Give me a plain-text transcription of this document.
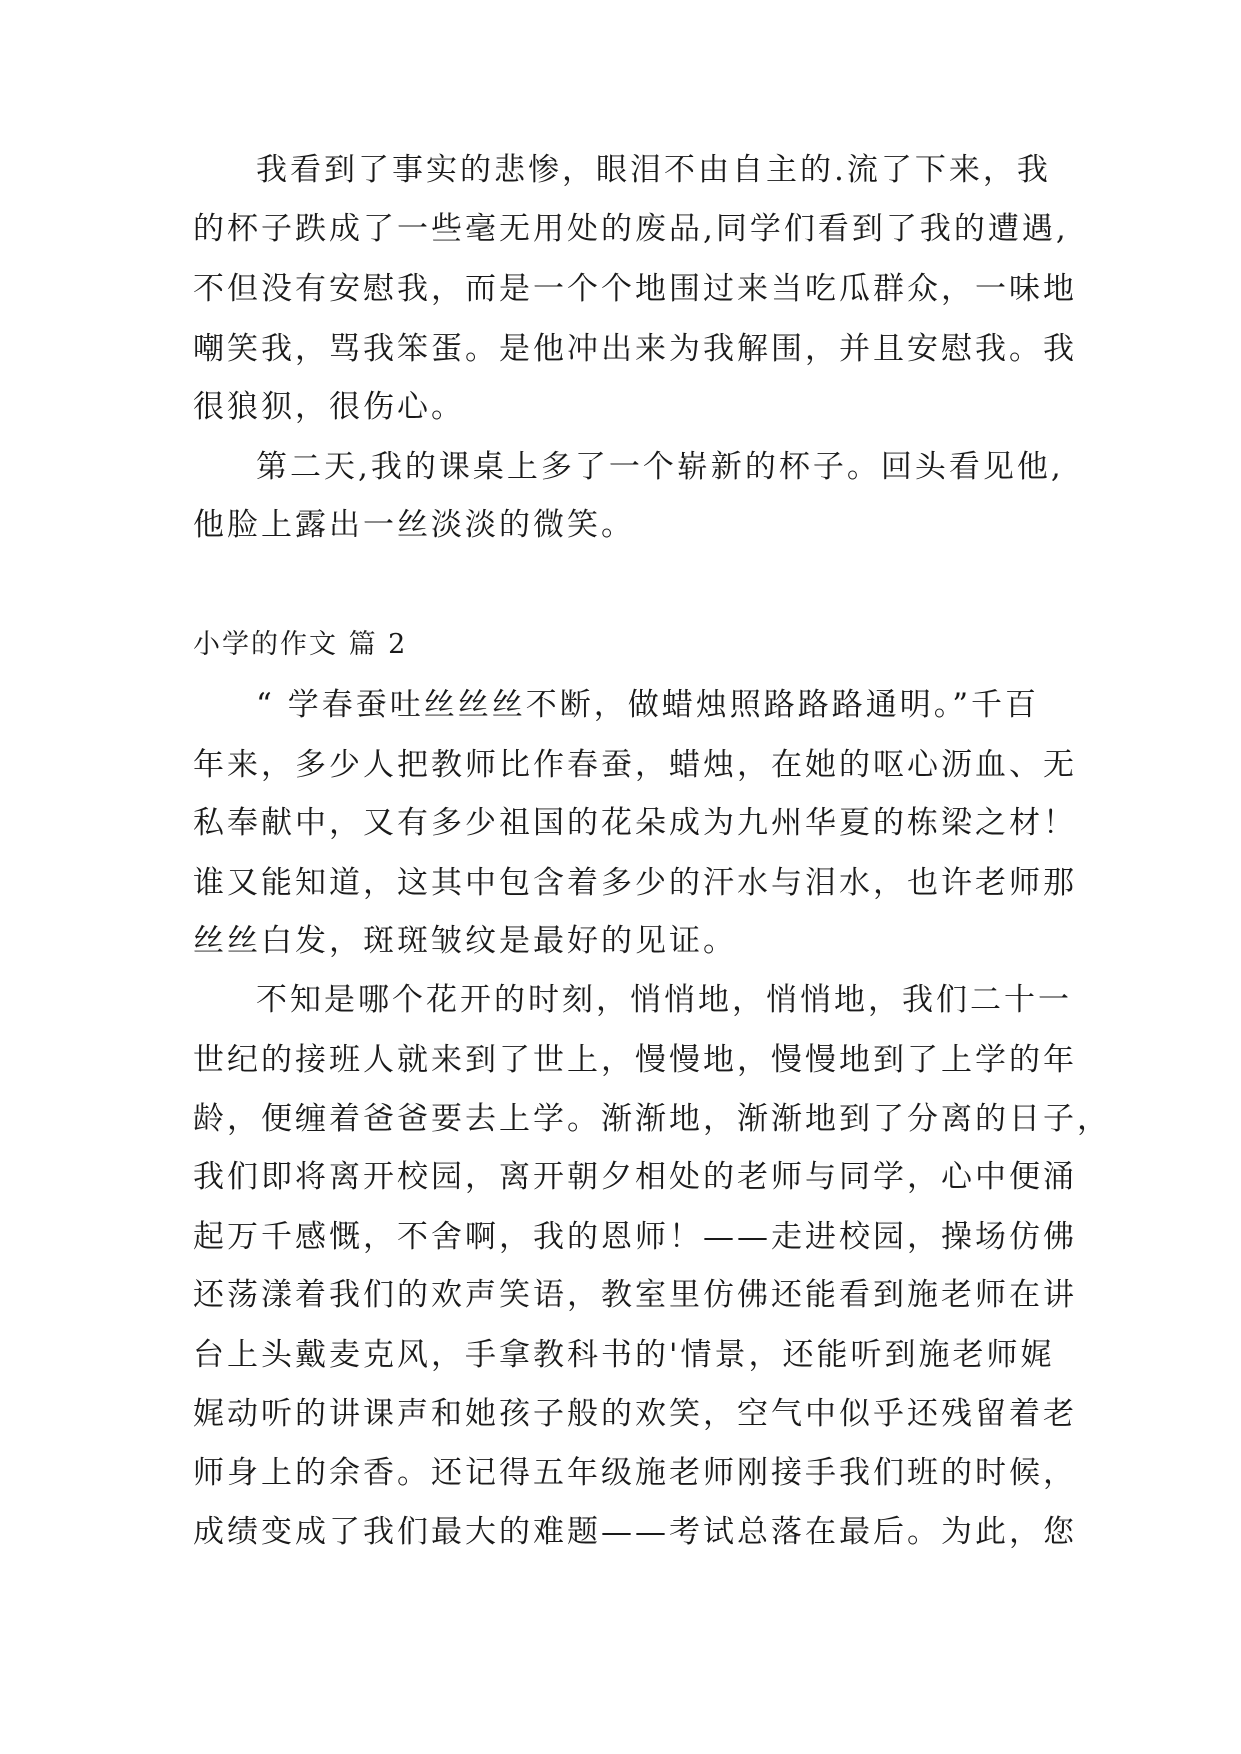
我看到了事实的悲惨，眼泪不由自主的.流了下来，我

的杯子跌成了一些毫无用处的废品,同学们看到了我的遭遇,

不但没有安慰我，而是一个个地围过来当吃瓜群众，一味地

嘲笑我，骂我笨蛋。是他冲出来为我解围，并且安慰我。我

很狼狈，很伤心。

第二天,我的课桌上多了一个崭新的杯子。回头看见他,

他脸上露出一丝淡淡的微笑。

小学的作文 篇 2

“ 学春蚕吐丝丝丝不断，做蜡烛照路路路通明。”千百

年来，多少人把教师比作春蚕，蜡烛，在她的呕心沥血、无

私奉献中，又有多少祖国的花朵成为九州华夏的栋梁之材！

谁又能知道，这其中包含着多少的汗水与泪水，也许老师那

丝丝白发，斑斑皱纹是最好的见证。

不知是哪个花开的时刻，悄悄地，悄悄地，我们二十一

世纪的接班人就来到了世上，慢慢地，慢慢地到了上学的年

龄，便缠着爸爸要去上学。渐渐地，渐渐地到了分离的日子，

我们即将离开校园，离开朝夕相处的老师与同学，心中便涌

起万千感慨，不舍啊，我的恩师！——走进校园，操场仿佛

还荡漾着我们的欢声笑语，教室里仿佛还能看到施老师在讲

台上头戴麦克风，手拿教科书的'情景，还能听到施老师娓

娓动听的讲课声和她孩子般的欢笑，空气中似乎还残留着老

师身上的余香。还记得五年级施老师刚接手我们班的时候，

成绩变成了我们最大的难题——考试总落在最后。为此，您
